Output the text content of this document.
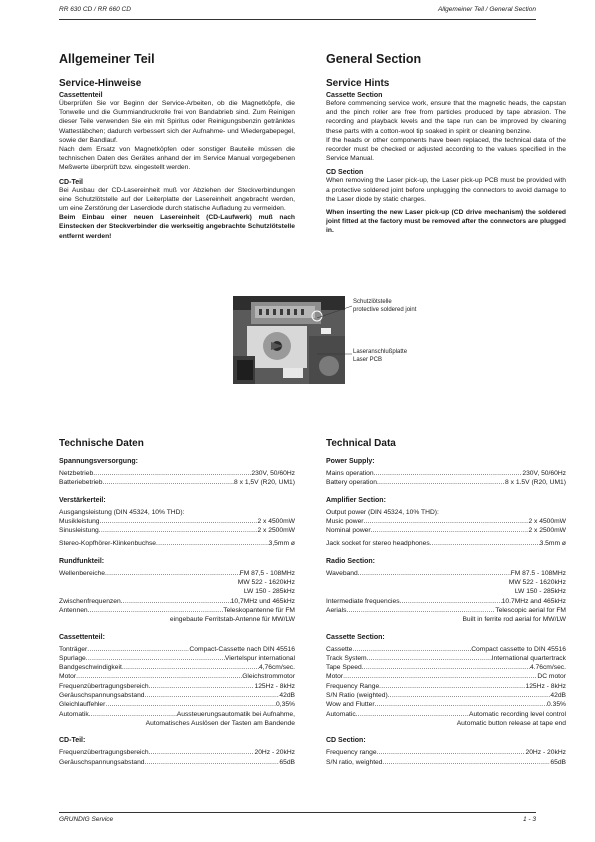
RR 630 CD / RR 660 CD	Allgemeiner Teil / General Section
Allgemeiner Teil
Service-Hinweise
Cassettenteil

Überprüfen Sie vor Beginn der Service-Arbeiten, ob die Magnetköpfe, die Tonwelle und die Gummiandruckrolle frei von Bandabrieb sind. Zum Reinigen dieser Teile verwenden Sie ein mit Spiritus oder Reinigungsbenzin getränktes Wattestäbchen; dadurch verbessert sich der Aufnahme- und Wiedergabepegel, sowie der Bandlauf.

Nach dem Ersatz von Magnetköpfen oder sonstiger Bauteile müssen die technischen Daten des Gerätes anhand der im Service Manual vorgegebenen Meßwerte überprüft bzw. eingestellt werden.

CD-Teil

Bei Ausbau der CD-Lasereinheit muß vor Abziehen der Steckverbindungen eine Schutzlötstelle auf der Leiterplatte der Lasereinheit angebracht werden, um eine Zerstörung der Laserdiode durch statische Aufladung zu vermeiden.

Beim Einbau einer neuen Lasereinheit (CD-Laufwerk) muß nach Einstecken der Steckverbinder die werkseitig angebrachte Schutzlötstelle entfernt werden!

General Section
Service Hints
Cassette Section

Before commencing service work, ensure that the magnetic heads, the capstan and the pinch roller are free from particles produced by tape abrasion. The recording and playback levels and the tape run can be improved by cleaning these parts with a cotton-wool tip soaked in spirit or cleaning benzine.

If the heads or other components have been replaced, the technical data of the recorder must be checked or adjusted according to the values specified in the Service Manual.

CD Section

When removing the Laser pick-up, the Laser pick-up PCB must be provided with a protective soldered joint before unplugging the connectors to avoid damage to the Laser diode by static charges.

When inserting the new Laser pick-up (CD drive mechanism) the soldered joint fitted at the factory must be removed after the connectors are plugged in.

Schutzlötstelle
protective soldered joint
Laseranschlußplatte
Laser PCB
Technische Daten
Spannungsversorgung:
Netzbetrieb .....	230V, 50/60Hz
Batteriebetrieb .....	8 x 1,5V (R20, UM1)
Verstärkerteil:
Ausgangsleistung (DIN 45324, 10% THD):
Musikleistung .....	2 x 4500mW
Sinusleistung .....	2 x 2500mW
Stereo-Kopfhörer-Klinkenbuchse .....	3,5mm ø
Rundfunkteil:
Wellenbereiche .....	FM 87,5 - 108MHz
MW 522 - 1620kHz
LW 150 - 285kHz
Zwischenfrequenzen .....	10,7MHz und 465kHz
Antennen .....	Teleskopantenne für FM
eingebaute Ferritstab-Antenne für MW/LW
Cassettenteil:
Tonträger .....	Compact-Cassette nach DIN 45516
Spurlage .....	Viertelspur international
Bandgeschwindigkeit .....	4,76cm/sec.
Motor .....	Gleichstrommotor
Frequenzübertragungsbereich .....	125Hz - 8kHz
Geräuschspannungsabstand .....	42dB
Gleichlauffehler .....	0,35%
Automatik .....	Aussteuerungsautomatik bei Aufnahme,
Automatisches Auslösen der Tasten am Bandende
CD-Teil:
Frequenzübertragungsbereich .....	20Hz - 20kHz
Geräuschspannungsabstand .....	65dB
Technical Data
Power Supply:
Mains operation .....	230V, 50/60Hz
Battery operation .....	8 x 1.5V (R20, UM1)
Amplifier Section:
Output power (DIN 45324, 10% THD):
Music power .....	2 x 4500mW
Nominal power .....	2 x 2500mW
Jack socket for stereo headphones .....	3.5mm ø
Radio Section:
Waveband .....	FM 87.5 - 108MHz
MW 522 - 1620kHz
LW 150 - 285kHz
Intermediate frequencies .....	10.7MHz and 465kHz
Aerials .....	Telescopic aerial for FM
Built in ferrite rod aerial for MW/LW
Cassette Section:
Cassette .....	Compact cassette to DIN 45516
Track System .....	International quartertrack
Tape Speed .....	4.76cm/sec.
Motor .....	DC motor
Frequency Range .....	125Hz - 8kHz
S/N Ratio (weighted) .....	42dB
Wow and Flutter .....	0.35%
Automatic .....	Automatic recording level control
Automatic button release at tape end
CD Section:
Frequency range .....	20Hz - 20kHz
S/N ratio, weighted .....	65dB
GRUNDIG Service	1 - 3
